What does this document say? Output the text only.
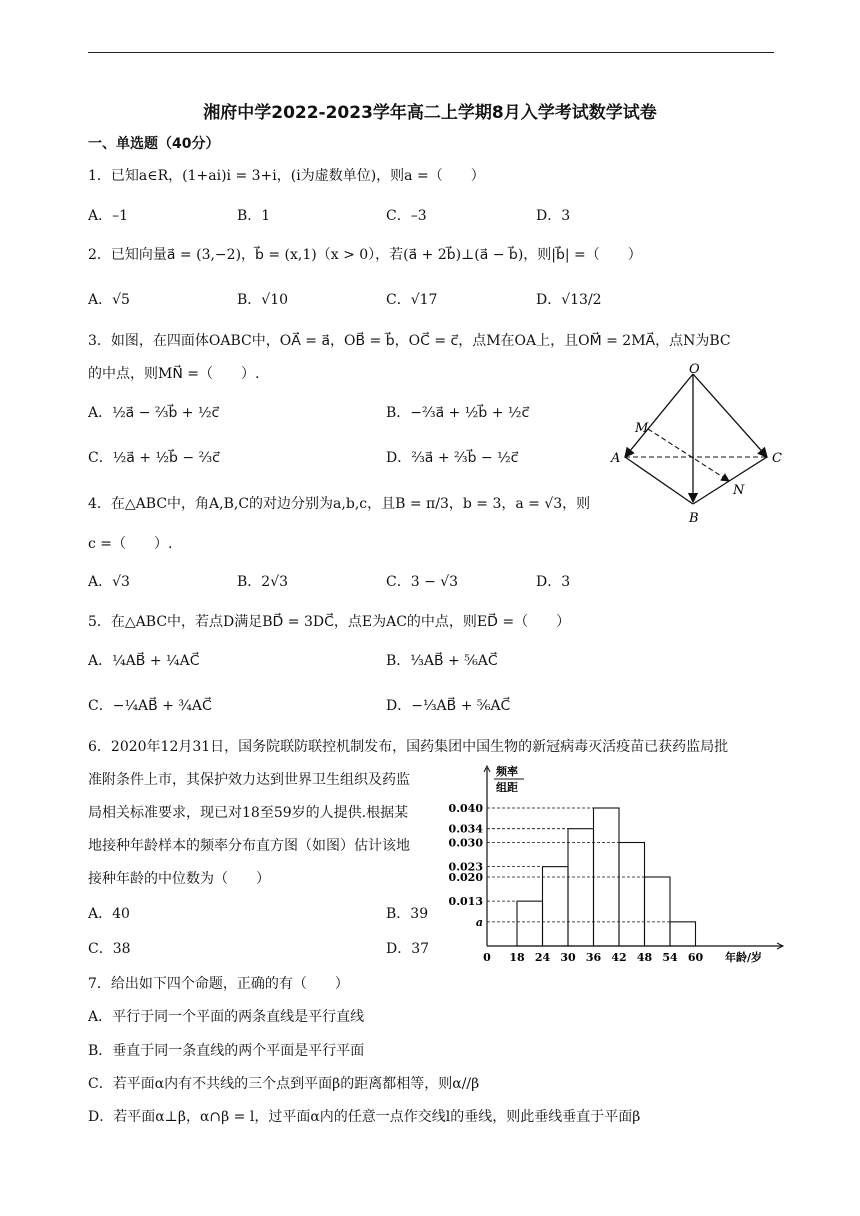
湘府中学2022-2023学年高二上学期8月入学考试数学试卷
一、单选题（40分）
1．已知a∈R，(1+ai)i = 3+i，(i为虚数单位)，则a =（　　）
A．–1	B．1	C．–3	D．3
2．已知向量a⃗ = (3,−2)，b⃗ = (x,1)（x > 0），若(a⃗ + 2b⃗)⊥(a⃗ − b⃗)，则|b⃗| =（　　）
A．√5	B．√10	C．√17	D．√13/2
3．如图，在四面体OABC中，OA⃗ = a⃗，OB⃗ = b⃗，OC⃗ = c⃗，点M在OA上，且OM⃗ = 2MA⃗，点N为BC
的中点，则MN⃗ =（　　）.
A．½a⃗ − ⅔b⃗ + ½c⃗	B．−⅔a⃗ + ½b⃗ + ½c⃗
C．½a⃗ + ½b⃗ − ⅔c⃗	D．⅔a⃗ + ⅔b⃗ − ½c⃗
O
M
A	C
N
B
4．在△ABC中，角A,B,C的对边分别为a,b,c，且B = π/3，b = 3，a = √3，则
c =（　　）.
A．√3	B．2√3	C．3 − √3	D．3
5．在△ABC中，若点D满足BD⃗ = 3DC⃗，点E为AC的中点，则ED⃗ =（　　）
A．¼AB⃗ + ¼AC⃗	B．⅓AB⃗ + ⅚AC⃗
C．−¼AB⃗ + ¾AC⃗	D．−⅓AB⃗ + ⅚AC⃗
6．2020年12月31日，国务院联防联控机制发布，国药集团中国生物的新冠病毒灭活疫苗已获药监局批
准附条件上市，其保护效力达到世界卫生组织及药监
局相关标准要求，现已对18至59岁的人提供.根据某
地接种年龄样本的频率分布直方图（如图）估计该地
接种年龄的中位数为（　　）
A．40	B．39
C．38	D．37
频率
组距
年龄/岁
0.040
0.034
0.030
0.023
0.020
0.013
a
0 18 24 30 36 42 48 54 60
7．给出如下四个命题，正确的有（　　）
A．平行于同一个平面的两条直线是平行直线
B．垂直于同一条直线的两个平面是平行平面
C．若平面α内有不共线的三个点到平面β的距离都相等，则α//β
D．若平面α⊥β，α∩β = l，过平面α内的任意一点作交线l的垂线，则此垂线垂直于平面β
